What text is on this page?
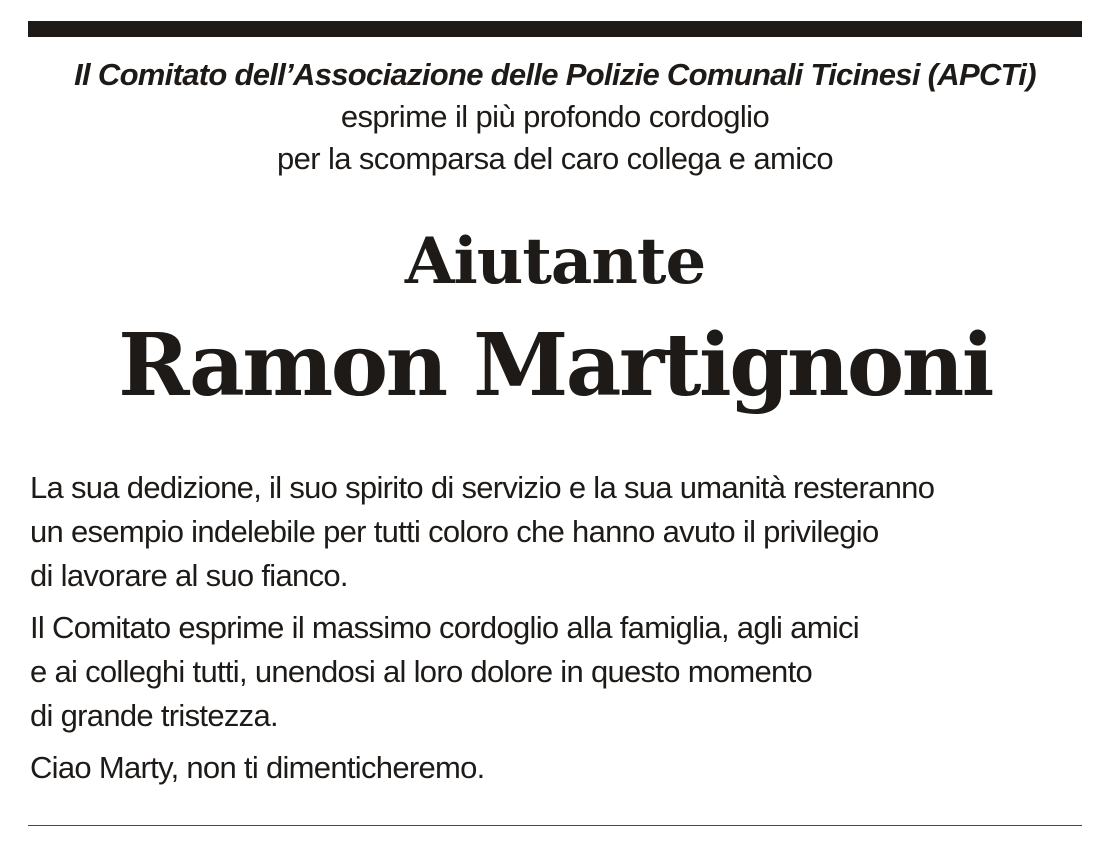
Il Comitato dell’Associazione delle Polizie Comunali Ticinesi (APCTi)
esprime il più profondo cordoglio
per la scomparsa del caro collega e amico
Aiutante
Ramon Martignoni

La sua dedizione, il suo spirito di servizio e la sua umanità resteranno
un esempio indelebile per tutti coloro che hanno avuto il privilegio
di lavorare al suo fianco.

Il Comitato esprime il massimo cordoglio alla famiglia, agli amici
e ai colleghi tutti, unendosi al loro dolore in questo momento
di grande tristezza.

Ciao Marty, non ti dimenticheremo.
